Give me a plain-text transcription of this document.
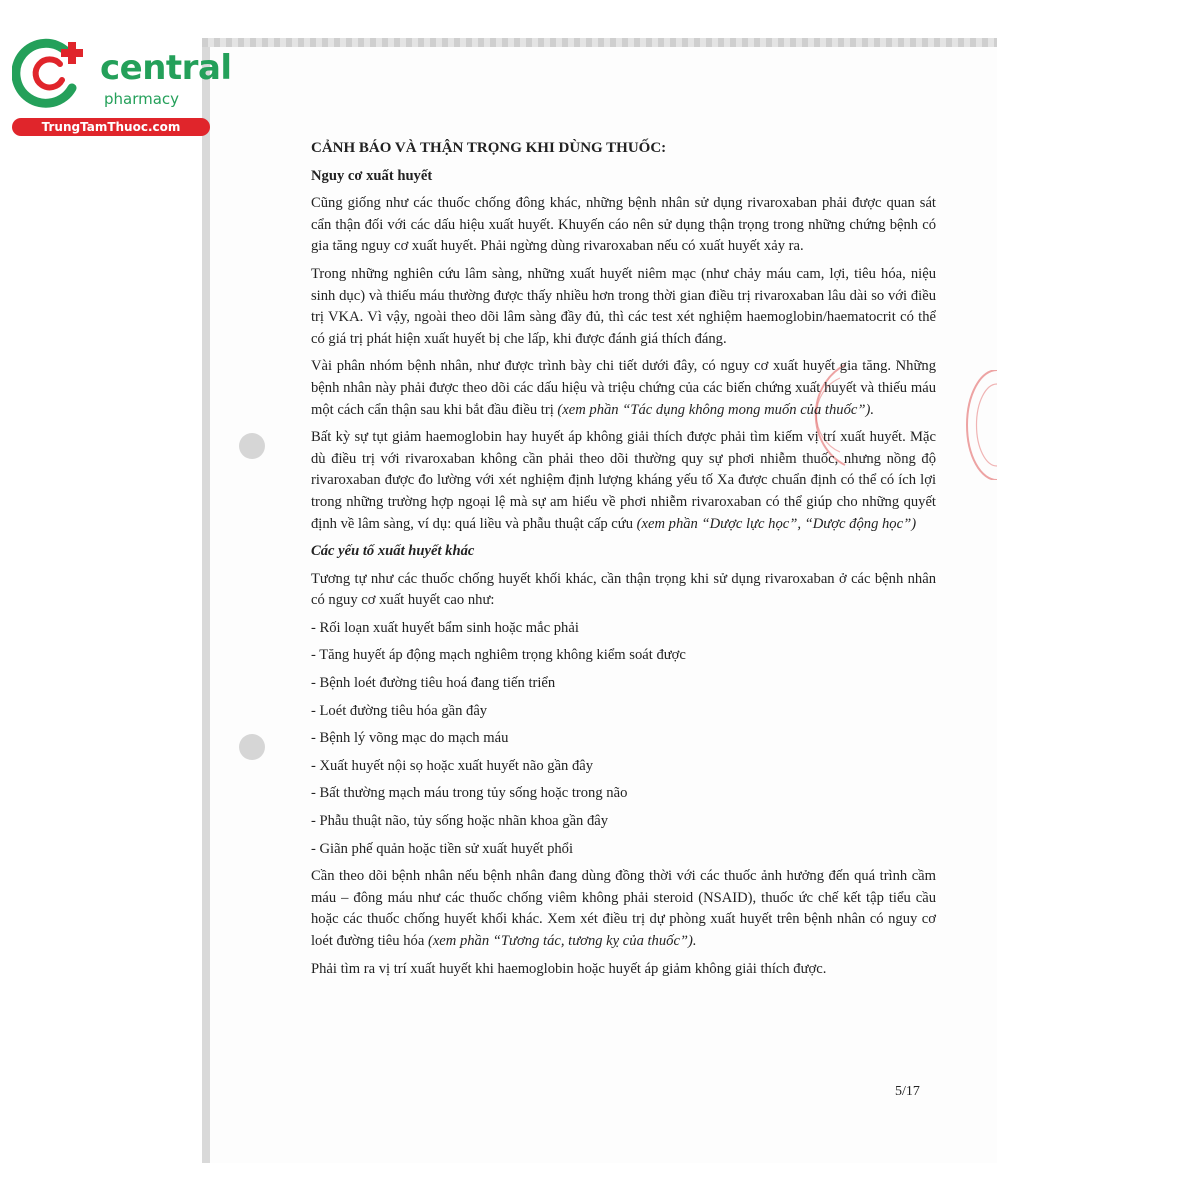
central
pharmacy
TrungTamThuoc.com

CẢNH BÁO VÀ THẬN TRỌNG KHI DÙNG THUỐC:

Nguy cơ xuất huyết

Cũng giống như các thuốc chống đông khác, những bệnh nhân sử dụng rivaroxaban phải được quan sát cẩn thận đối với các dấu hiệu xuất huyết. Khuyến cáo nên sử dụng thận trọng trong những chứng bệnh có gia tăng nguy cơ xuất huyết. Phải ngừng dùng rivaroxaban nếu có xuất huyết xảy ra.

Trong những nghiên cứu lâm sàng, những xuất huyết niêm mạc (như chảy máu cam, lợi, tiêu hóa, niệu sinh dục) và thiếu máu thường được thấy nhiều hơn trong thời gian điều trị rivaroxaban lâu dài so với điều trị VKA. Vì vậy, ngoài theo dõi lâm sàng đầy đủ, thì các test xét nghiệm haemoglobin/haematocrit có thể có giá trị phát hiện xuất huyết bị che lấp, khi được đánh giá thích đáng.

Vài phân nhóm bệnh nhân, như được trình bày chi tiết dưới đây, có nguy cơ xuất huyết gia tăng. Những bệnh nhân này phải được theo dõi các dấu hiệu và triệu chứng của các biến chứng xuất huyết và thiếu máu một cách cẩn thận sau khi bắt đầu điều trị (xem phần “Tác dụng không mong muốn của thuốc”).

Bất kỳ sự tụt giảm haemoglobin hay huyết áp không giải thích được phải tìm kiếm vị trí xuất huyết. Mặc dù điều trị với rivaroxaban không cần phải theo dõi thường quy sự phơi nhiễm thuốc, nhưng nồng độ rivaroxaban được đo lường với xét nghiệm định lượng kháng yếu tố Xa được chuẩn định có thể có ích lợi trong những trường hợp ngoại lệ mà sự am hiểu về phơi nhiễm rivaroxaban có thể giúp cho những quyết định về lâm sàng, ví dụ: quá liều và phẫu thuật cấp cứu (xem phần “Dược lực học”, “Dược động học”)

Các yếu tố xuất huyết khác

Tương tự như các thuốc chống huyết khối khác, cần thận trọng khi sử dụng rivaroxaban ở các bệnh nhân có nguy cơ xuất huyết cao như:

- Rối loạn xuất huyết bẩm sinh hoặc mắc phải

- Tăng huyết áp động mạch nghiêm trọng không kiểm soát được

- Bệnh loét đường tiêu hoá đang tiến triển

- Loét đường tiêu hóa gần đây

- Bệnh lý võng mạc do mạch máu

- Xuất huyết nội sọ hoặc xuất huyết não gần đây

- Bất thường mạch máu trong tủy sống hoặc trong não

- Phẫu thuật não, tủy sống hoặc nhãn khoa gần đây

- Giãn phế quản hoặc tiền sử xuất huyết phổi

Cần theo dõi bệnh nhân nếu bệnh nhân đang dùng đồng thời với các thuốc ảnh hưởng đến quá trình cầm máu – đông máu như các thuốc chống viêm không phải steroid (NSAID), thuốc ức chế kết tập tiểu cầu hoặc các thuốc chống huyết khối khác. Xem xét điều trị dự phòng xuất huyết trên bệnh nhân có nguy cơ loét đường tiêu hóa (xem phần “Tương tác, tương kỵ của thuốc”).

Phải tìm ra vị trí xuất huyết khi haemoglobin hoặc huyết áp giảm không giải thích được.

5/17
